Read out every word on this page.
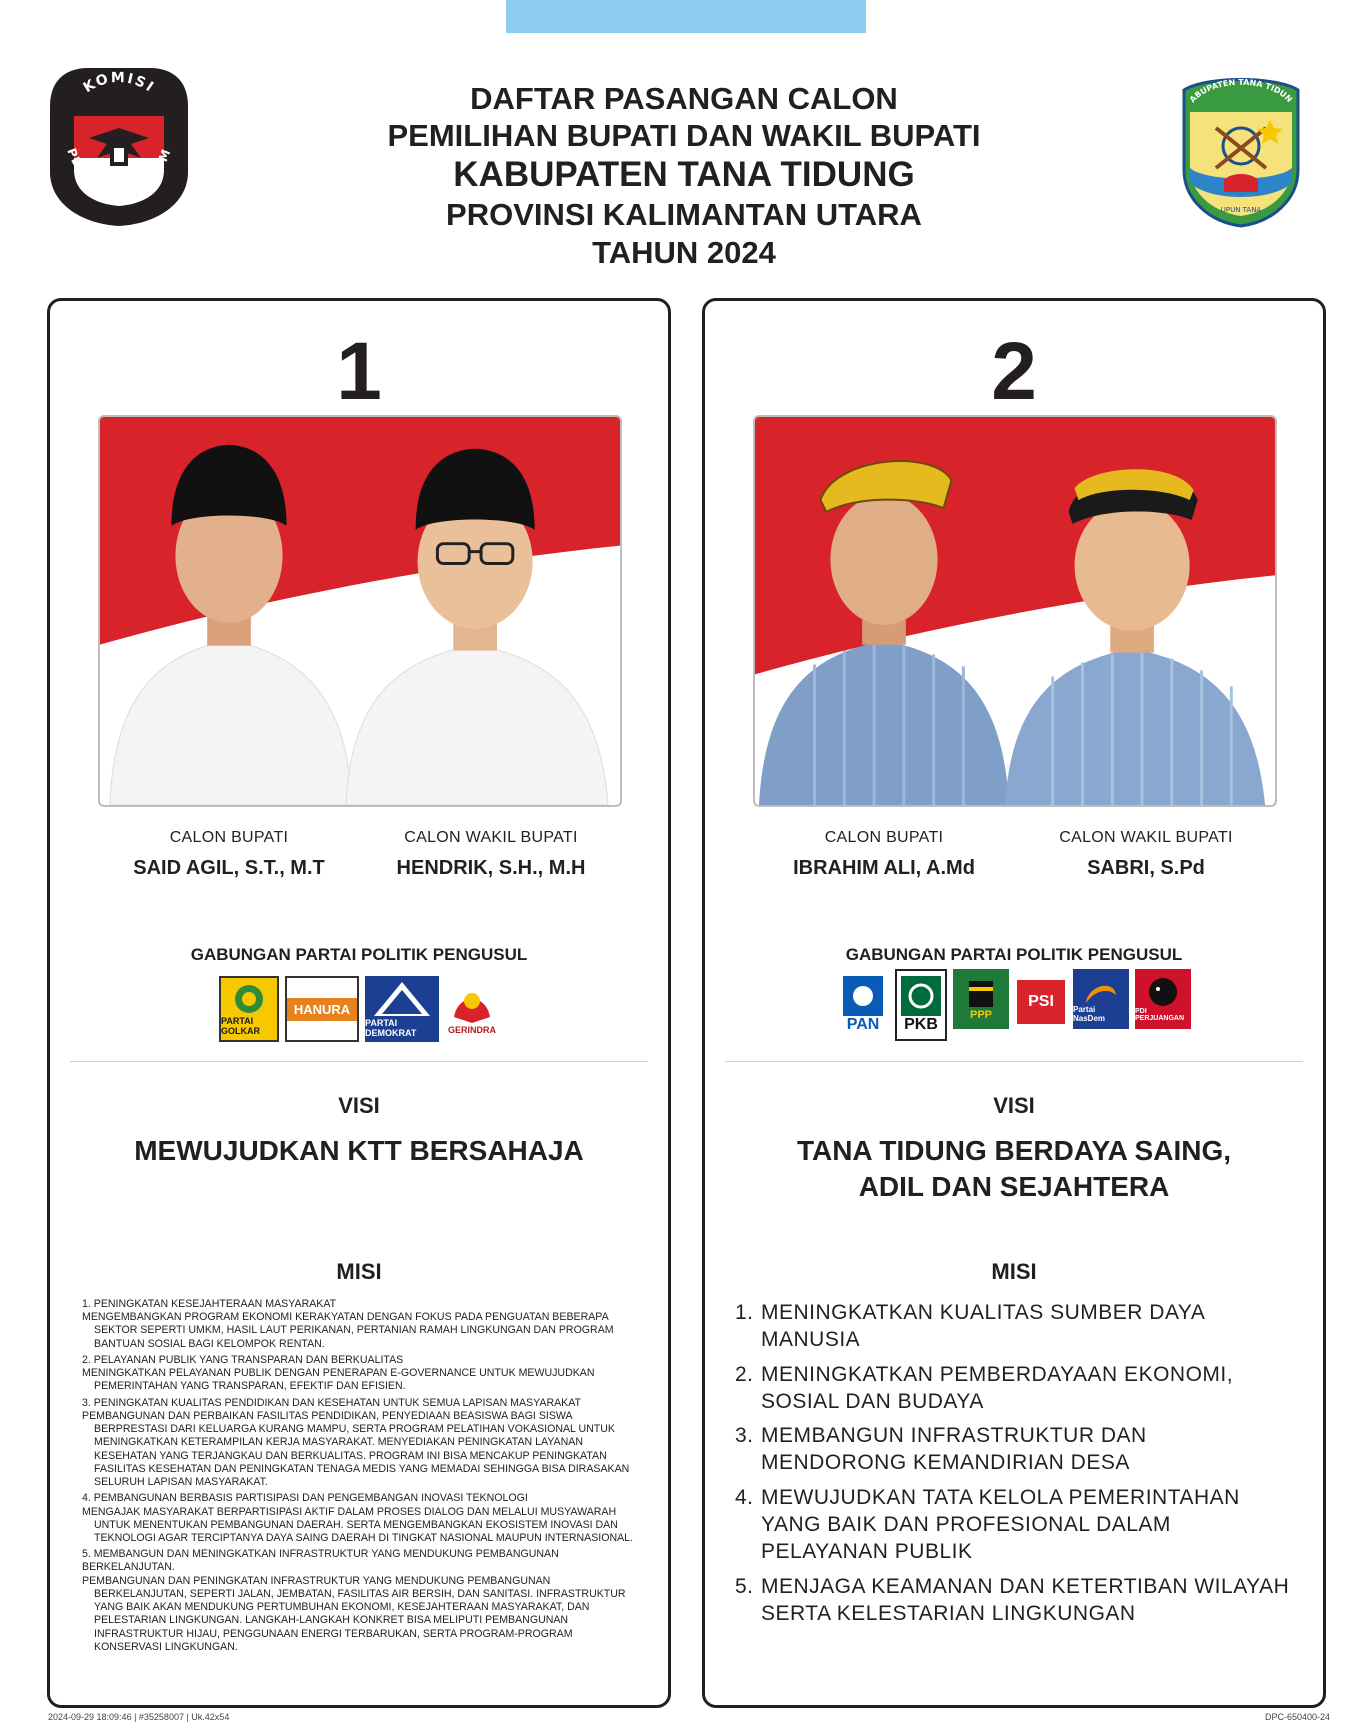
KOMISI
PEMILIHAN UMUM
ABUPATEN TANA TIDUN
UPUN TANA
DAFTAR PASANGAN CALON
PEMILIHAN BUPATI DAN WAKIL BUPATI
KABUPATEN TANA TIDUNG
PROVINSI KALIMANTAN UTARA
TAHUN 2024
1
CALON BUPATI
SAID AGIL, S.T., M.T
CALON WAKIL BUPATI
HENDRIK, S.H., M.H
GABUNGAN PARTAI POLITIK PENGUSUL
PARTAI GOLKAR
HANURA
PARTAI DEMOKRAT	GERINDRA
VISI
MEWUJUDKAN KTT BERSAHAJA
MISI
1. PENINGKATAN KESEJAHTERAAN MASYARAKAT
MENGEMBANGKAN PROGRAM EKONOMI KERAKYATAN DENGAN FOKUS PADA PENGUATAN BEBERAPA SEKTOR SEPERTI UMKM, HASIL LAUT PERIKANAN, PERTANIAN RAMAH LINGKUNGAN DAN PROGRAM BANTUAN SOSIAL BAGI KELOMPOK RENTAN.
2. PELAYANAN PUBLIK YANG TRANSPARAN DAN BERKUALITAS
MENINGKATKAN PELAYANAN PUBLIK DENGAN PENERAPAN E-GOVERNANCE UNTUK MEWUJUDKAN PEMERINTAHAN YANG TRANSPARAN, EFEKTIF DAN EFISIEN.
3. PENINGKATAN KUALITAS PENDIDIKAN DAN KESEHATAN UNTUK SEMUA LAPISAN MASYARAKAT
PEMBANGUNAN DAN PERBAIKAN FASILITAS PENDIDIKAN, PENYEDIAAN BEASISWA BAGI SISWA BERPRESTASI DARI KELUARGA KURANG MAMPU, SERTA PROGRAM PELATIHAN VOKASIONAL UNTUK MENINGKATKAN KETERAMPILAN KERJA MASYARAKAT. MENYEDIAKAN PENINGKATAN LAYANAN KESEHATAN YANG TERJANGKAU DAN BERKUALITAS. PROGRAM INI BISA MENCAKUP PENINGKATAN FASILITAS KESEHATAN DAN PENINGKATAN TENAGA MEDIS YANG MEMADAI SEHINGGA BISA DIRASAKAN SELURUH LAPISAN MASYARAKAT.
4. PEMBANGUNAN BERBASIS PARTISIPASI DAN PENGEMBANGAN INOVASI TEKNOLOGI
MENGAJAK MASYARAKAT BERPARTISIPASI AKTIF DALAM PROSES DIALOG DAN MELALUI MUSYAWARAH UNTUK MENENTUKAN PEMBANGUNAN DAERAH. SERTA MENGEMBANGKAN EKOSISTEM INOVASI DAN TEKNOLOGI AGAR TERCIPTANYA DAYA SAING DAERAH DI TINGKAT NASIONAL MAUPUN INTERNASIONAL.
5. MEMBANGUN DAN MENINGKATKAN INFRASTRUKTUR YANG MENDUKUNG PEMBANGUNAN BERKELANJUTAN.
PEMBANGUNAN DAN PENINGKATAN INFRASTRUKTUR YANG MENDUKUNG PEMBANGUNAN BERKELANJUTAN, SEPERTI JALAN, JEMBATAN, FASILITAS AIR BERSIH, DAN SANITASI. INFRASTRUKTUR YANG BAIK AKAN MENDUKUNG PERTUMBUHAN EKONOMI, KESEJAHTERAAN MASYARAKAT, DAN PELESTARIAN LINGKUNGAN. LANGKAH-LANGKAH KONKRET BISA MELIPUTI PEMBANGUNAN INFRASTRUKTUR HIJAU, PENGGUNAAN ENERGI TERBARUKAN, SERTA PROGRAM-PROGRAM KONSERVASI LINGKUNGAN.
2
CALON BUPATI
IBRAHIM ALI, A.Md
CALON WAKIL BUPATI
SABRI, S.Pd
GABUNGAN PARTAI POLITIK PENGUSUL
PAN PKB
PPP
PSI	Partai NasDem
PDI PERJUANGAN
VISI
TANA TIDUNG BERDAYA SAING,
ADIL DAN SEJAHTERA
MISI
1. MENINGKATKAN KUALITAS SUMBER DAYA MANUSIA
2. MENINGKATKAN PEMBERDAYAAN EKONOMI, SOSIAL DAN BUDAYA
3. MEMBANGUN INFRASTRUKTUR DAN MENDORONG KEMANDIRIAN DESA
4. MEWUJUDKAN TATA KELOLA PEMERINTAHAN YANG BAIK DAN PROFESIONAL DALAM PELAYANAN PUBLIK
5. MENJAGA KEAMANAN DAN KETERTIBAN WILAYAH SERTA KELESTARIAN LINGKUNGAN
2024-09-29 18:09:46 | #35258007 | Uk.42x54	DPC-650400-24
